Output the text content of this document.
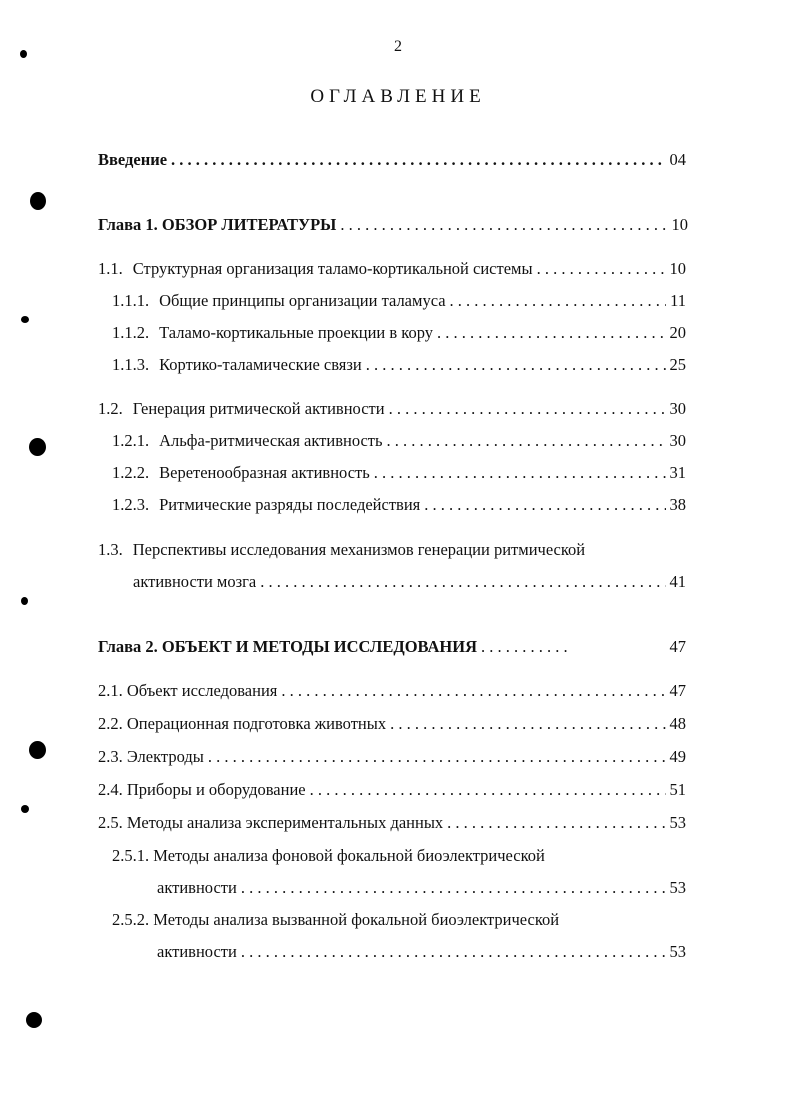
2
ОГЛАВЛЕНИЕ
Введение . . .	04
Глава 1. ОБЗОР ЛИТЕРАТУРЫ . . .	10
1.1. Структурная организация таламо-кортикальной системы . . .	10
1.1.1. Общие принципы организации таламуса . . .	11
1.1.2. Таламо-кортикальные проекции в кору . . .	20
1.1.3. Кортико-таламические связи . . .	25
1.2. Генерация ритмической активности . . .	30
1.2.1. Альфа-ритмическая активность . . .	30
1.2.2. Веретенообразная активность . . .	31
1.2.3. Ритмические разряды последействия . . .	38
1.3. Перспективы исследования механизмов генерации ритмической
активности мозга . . .	41
Глава 2. ОБЪЕКТ И МЕТОДЫ ИССЛЕДОВАНИЯ . . .	47
2.1. Объект исследования . . .	47
2.2. Операционная подготовка животных . . .	48
2.3. Электроды . . .	49
2.4. Приборы и оборудование . . .	51
2.5. Методы анализа экспериментальных данных . . .	53
2.5.1. Методы анализа фоновой фокальной биоэлектрической
активности . . .	53
2.5.2. Методы анализа вызванной фокальной биоэлектрической
активности . . .	53
